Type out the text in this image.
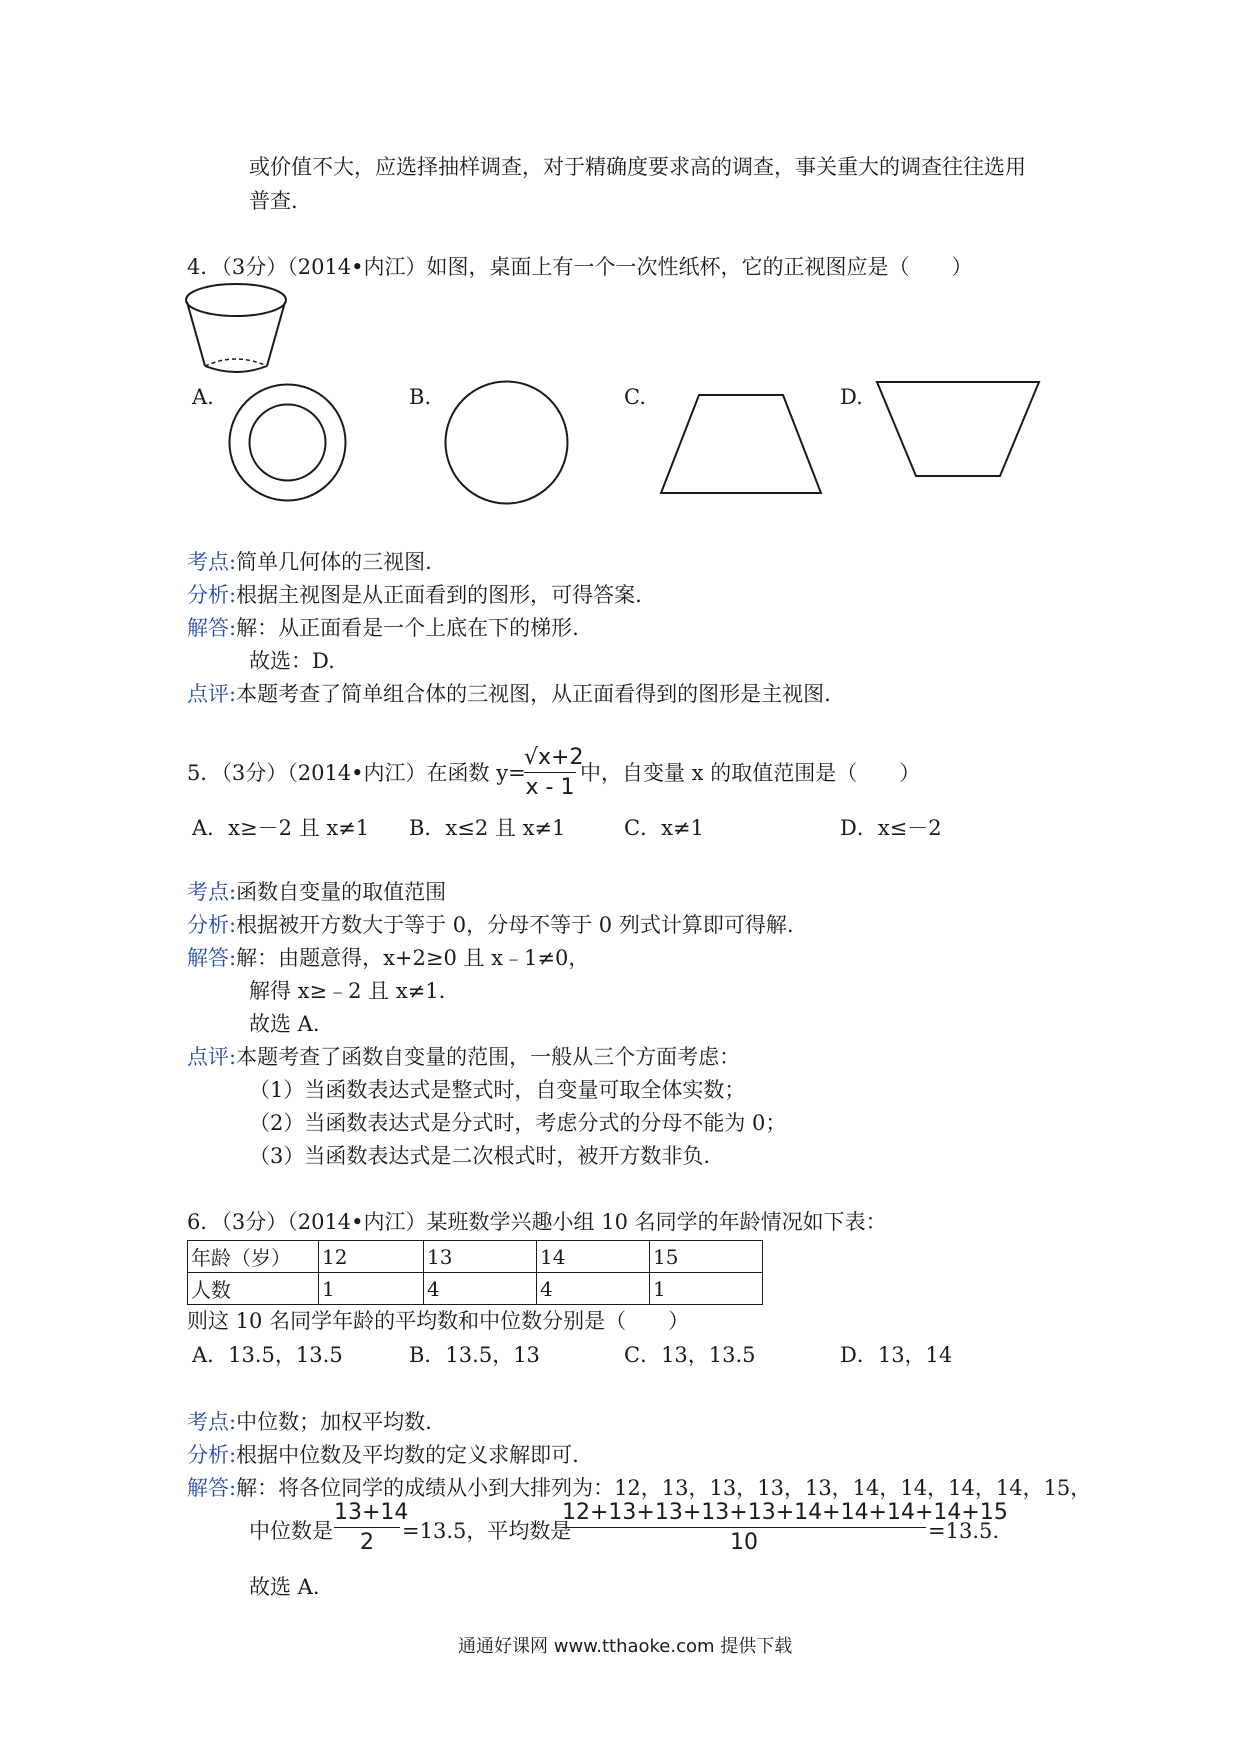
或价值不大，应选择抽样调查，对于精确度要求高的调查，事关重大的调查往往选用
普查.
4．（3分）（2014•内江）如图，桌面上有一个一次性纸杯，它的正视图应是（　　）
A.	B.	C.	D.
考点:简单几何体的三视图.
分析:根据主视图是从正面看到的图形，可得答案.
解答:解：从正面看是一个上底在下的梯形.
故选：D.
点评:本题考查了简单组合体的三视图，从正面看得到的图形是主视图.
5．（3分）（2014•内江）在函数 y=
√x+2
x - 1
中，自变量 x 的取值范围是（　　）
A．x≥－2 且 x≠1 B．x≤2 且 x≠1	C．x≠1	D．x≤－2
考点:函数自变量的取值范围
分析:根据被开方数大于等于 0，分母不等于 0 列式计算即可得解.
解答:解：由题意得，x+2≥0 且 x﹣1≠0，
解得 x≥﹣2 且 x≠1.
故选 A.
点评:本题考查了函数自变量的范围，一般从三个方面考虑：
（1）当函数表达式是整式时，自变量可取全体实数；
（2）当函数表达式是分式时，考虑分式的分母不能为 0；
（3）当函数表达式是二次根式时，被开方数非负.
6．（3分）（2014•内江）某班数学兴趣小组 10 名同学的年龄情况如下表：
年龄（岁）	12	13	14	15
人数	1	4	4	1
则这 10 名同学年龄的平均数和中位数分别是（　　）
A．13.5，13.5	B．13.5，13	C．13，13.5	D．13，14
考点:中位数；加权平均数.
分析:根据中位数及平均数的定义求解即可.
解答:解：将各位同学的成绩从小到大排列为：12，13，13，13，13，14，14，14，14，15，
中位数是
13+14
2	=13.5，平均数是
12+13+13+13+13+14+14+14+14+15
10	=13.5.
故选 A.
通通好课网 www.tthaoke.com 提供下载
